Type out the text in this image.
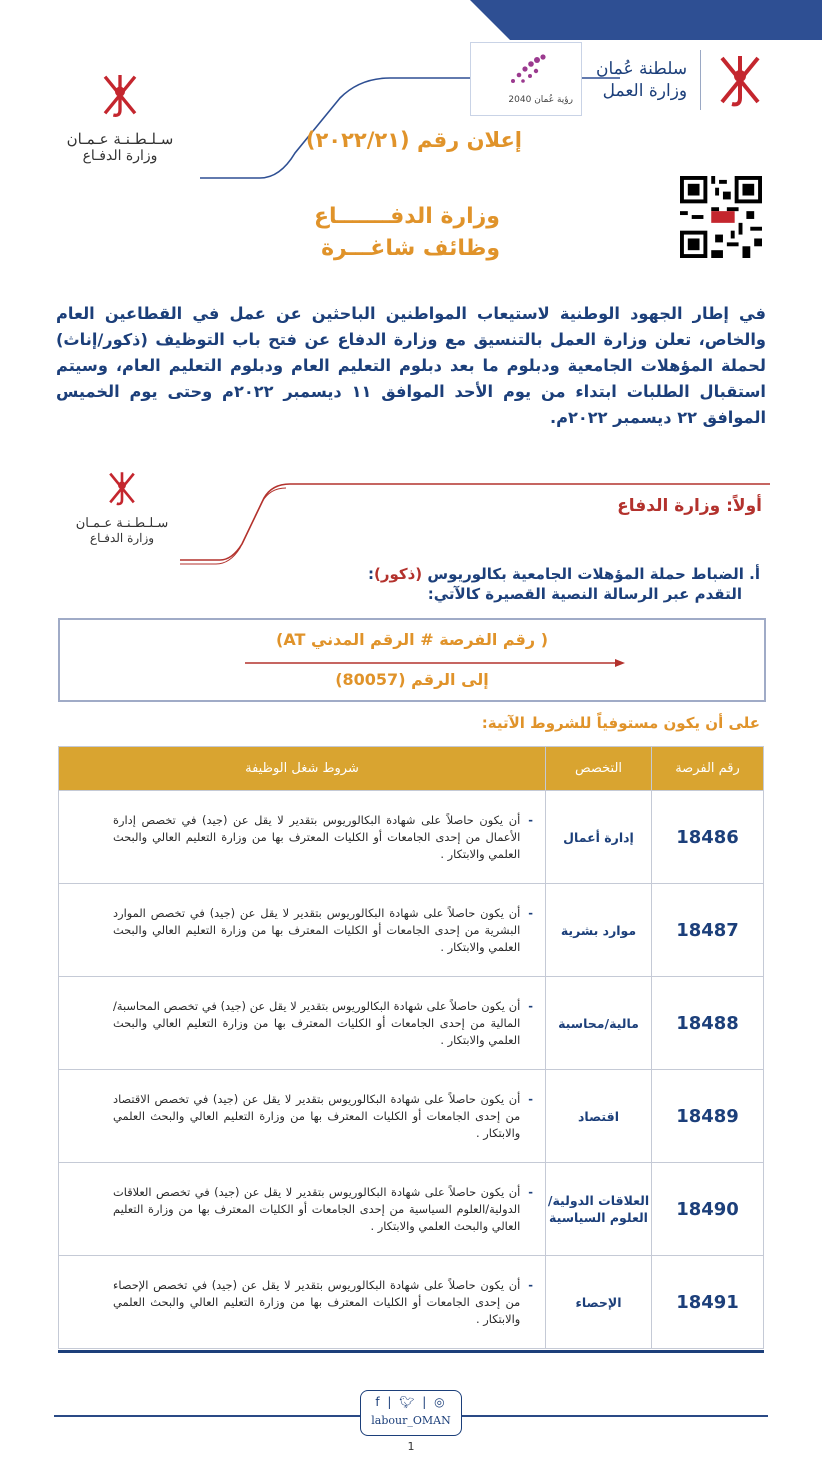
سلطنة عُمان
وزارة العمل
رؤية عُمان 2040
سـلـطـنـة عـمـان
وزارة الدفـاع
إعلان رقم (٢٠٢٢/٢١)
وزارة الدفـــــــاع
وظائف شاغـــرة
في إطار الجهود الوطنية لاستيعاب المواطنين الباحثين عن عمل في القطاعين العام والخاص، تعلن وزارة العمل بالتنسيق مع وزارة الدفاع عن فتح باب التوظيف (ذكور/إناث) لحملة المؤهلات الجامعية ودبلوم ما بعد دبلوم التعليم العام ودبلوم التعليم العام، وسيتم استقبال الطلبات ابتداء من يوم الأحد الموافق ١١ ديسمبر ٢٠٢٢م وحتى يوم الخميس الموافق ٢٢ ديسمبر ٢٠٢٢م.
سـلـطـنـة عـمـان
وزارة الدفـاع
أولاً: وزارة الدفاع
أ. الضباط حملة المؤهلات الجامعية بكالوريوس (ذكور):
التقدم عبر الرسالة النصية القصيرة كالآتي:
( رقم الفرصة # الرقم المدني AT)
إلى الرقم (80057)
على أن يكون مستوفياً للشروط الآتية:
رقم الفرصة	التخصص	شروط شغل الوظيفة
18486	إدارة أعمال	-
أن يكون حاصلاً على شهادة البكالوريوس بتقدير لا يقل عن (جيد) في تخصص إدارة الأعمال من إحدى الجامعات أو الكليات المعترف بها من وزارة التعليم العالي والبحث العلمي والابتكار .

18487	موارد بشرية	-
أن يكون حاصلاً على شهادة البكالوريوس بتقدير لا يقل عن (جيد) في تخصص الموارد البشرية من إحدى الجامعات أو الكليات المعترف بها من وزارة التعليم العالي والبحث العلمي والابتكار .

18488	مالية/محاسبة	-
أن يكون حاصلاً على شهادة البكالوريوس بتقدير لا يقل عن (جيد) في تخصص المحاسبة/المالية من إحدى الجامعات أو الكليات المعترف بها من وزارة التعليم العالي والبحث العلمي والابتكار .

18489	اقتصاد	-
أن يكون حاصلاً على شهادة البكالوريوس بتقدير لا يقل عن (جيد) في تخصص الاقتصاد من إحدى الجامعات أو الكليات المعترف بها من وزارة التعليم العالي والبحث العلمي والابتكار .

18490	العلاقات الدولية/ العلوم السياسية	-
أن يكون حاصلاً على شهادة البكالوريوس بتقدير لا يقل عن (جيد) في تخصص العلاقات الدولية/العلوم السياسية من إحدى الجامعات أو الكليات المعترف بها من وزارة التعليم العالي والبحث العلمي والابتكار .

18491	الإحصاء	-
أن يكون حاصلاً على شهادة البكالوريوس بتقدير لا يقل عن (جيد) في تخصص الإحصاء من إحدى الجامعات أو الكليات المعترف بها من وزارة التعليم العالي والبحث العلمي والابتكار .
f | 🐦︎ | ◎
labour_OMAN
1
